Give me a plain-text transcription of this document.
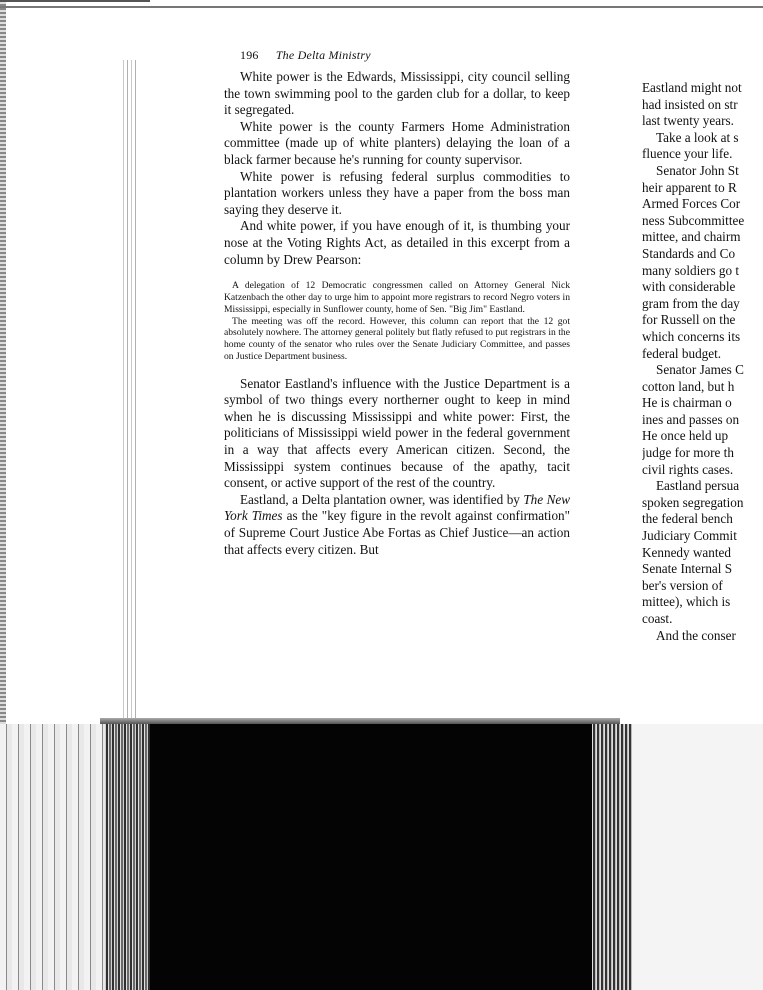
196 The Delta Ministry

White power is the Edwards, Mississippi, city council selling the town swimming pool to the garden club for a dollar, to keep it segregated.

White power is the county Farmers Home Administration committee (made up of white planters) delaying the loan of a black farmer because he's running for county supervisor.

White power is refusing federal surplus commodities to plantation workers unless they have a paper from the boss man saying they deserve it.

And white power, if you have enough of it, is thumbing your nose at the Voting Rights Act, as detailed in this excerpt from a column by Drew Pearson:

A delegation of 12 Democratic congressmen called on Attorney General Nick Katzenbach the other day to urge him to appoint more registrars to record Negro voters in Mississippi, especially in Sunflower county, home of Sen. "Big Jim" Eastland.

The meeting was off the record. However, this column can report that the 12 got absolutely nowhere. The attorney general politely but flatly refused to put registrars in the home county of the senator who rules over the Senate Judiciary Committee, and passes on Justice Department business.

Senator Eastland's influence with the Justice Department is a symbol of two things every northerner ought to keep in mind when he is discussing Mississippi and white power: First, the politicians of Mississippi wield power in the federal government in a way that affects every American citizen. Second, the Mississippi system continues because of the apathy, tacit consent, or active support of the rest of the country.

Eastland, a Delta plantation owner, was identified by The New York Times as the "key figure in the revolt against confirmation" of Supreme Court Justice Abe Fortas as Chief Justice—an action that affects every citizen. But

Eastland might not
had insisted on str
last twenty years.
Take a look at s
fluence your life.
Senator John St
heir apparent to R
Armed Forces Cor
ness Subcommittee
mittee, and chairm
Standards and Co
many soldiers go t
with considerable
gram from the day
for Russell on the
which concerns its
federal budget.
Senator James C
cotton land, but h
He is chairman o
ines and passes on
He once held up
judge for more th
civil rights cases.
Eastland persua
spoken segregation
the federal bench
Judiciary Commit
Kennedy wanted
Senate Internal S
ber's version of
mittee), which is
coast.
And the conser
